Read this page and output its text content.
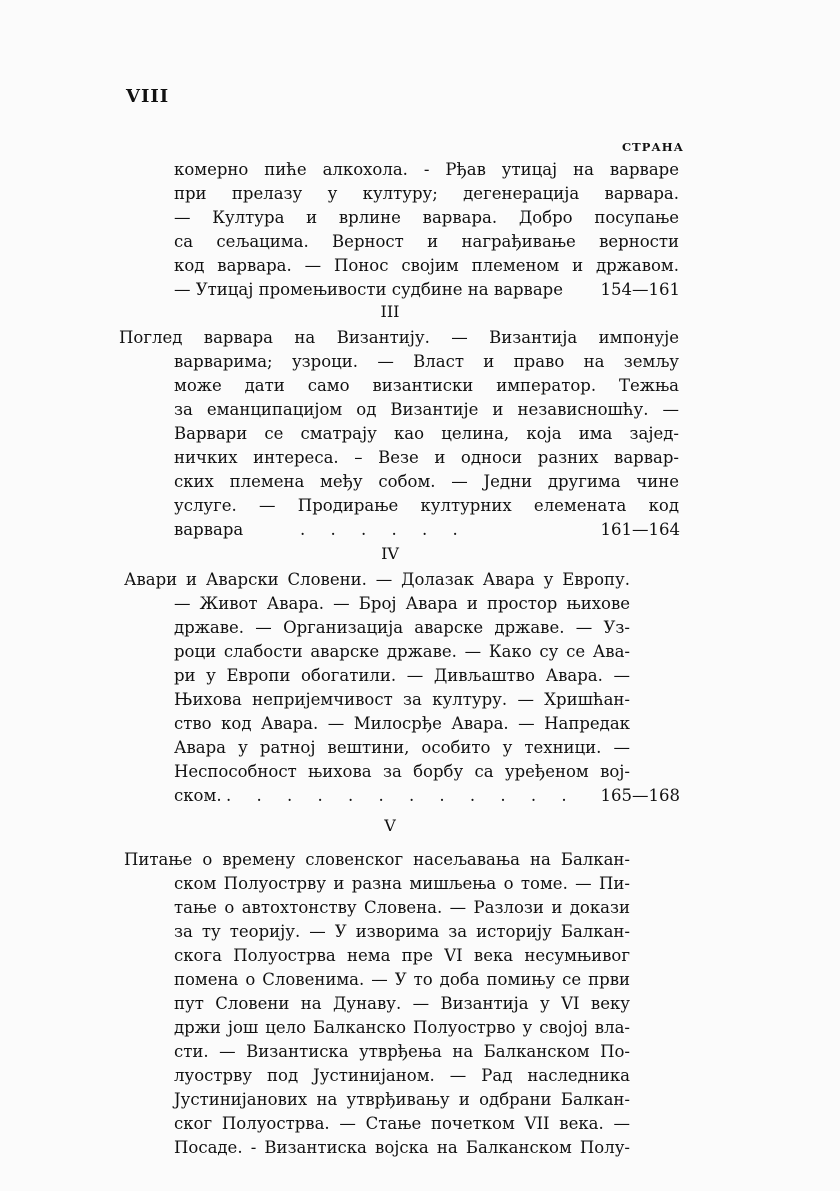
VIII
СТРАНА
комерно пиће алкохола. - Рђав утицај на варваре
при прелазу у културу; дегенерација варвара.
— Култура и врлине варвара. Добро посупање
са сељацима. Верност и награђивање верности
код варвара. — Понос својим племеном и државом.
— Утицај промењивости судбине на варваре	154—161
III
Поглед варвара на Византију. — Византија импонује
варварима; узроци. — Власт и право на земљу
може дати само византиски император. Тежња
за еманципацијом од Византије и независношћу. —
Варвари се сматрају као целина, која има зајед-
ничких интереса. – Везе и односи разних варвар-
ских племена међу собом. — Једни другима чине
услуге. — Продирање културних елемената код
варвара	. . . . . .	161—164
IV
Авари и Аварски Словени. — Долазак Авара у Европу.
— Живот Авара. — Број Авара и простор њихове
државе. — Организација аварске државе. — Уз-
роци слабости аварске државе. — Како су се Ава-
ри у Европи обогатили. — Дивљаштво Авара. —
Њихова непријемчивост за културу. — Хришћан-
ство код Авара. — Милосрђе Авара. — Напредак
Авара у ратној вештини, особито у техници. —
Неспособност њихова за борбу са уређеном вој-
ском. . . . . . . . . . . . .	165—168
V
Питање о времену словенског насељавања на Балкан-
ском Полуострву и разна мишљења о томе. — Пи-
тање о автохтонству Словена. — Разлози и докази
за ту теорију. — У изворима за историју Балкан-
скога Полуострва нема пре VI века несумњивог
помена о Словенима. — У то доба помињу се први
пут Словени на Дунаву. — Византија у VI веку
држи још цело Балканско Полуострво у својој вла-
сти. — Византиска утврђења на Балканском По-
луострву под Јустинијаном. — Рад наследника
Јустинијанових на утврђивању и одбрани Балкан-
ског Полуострва. — Стање почетком VII века. —
Посаде. - Византиска војска на Балканском Полу-
